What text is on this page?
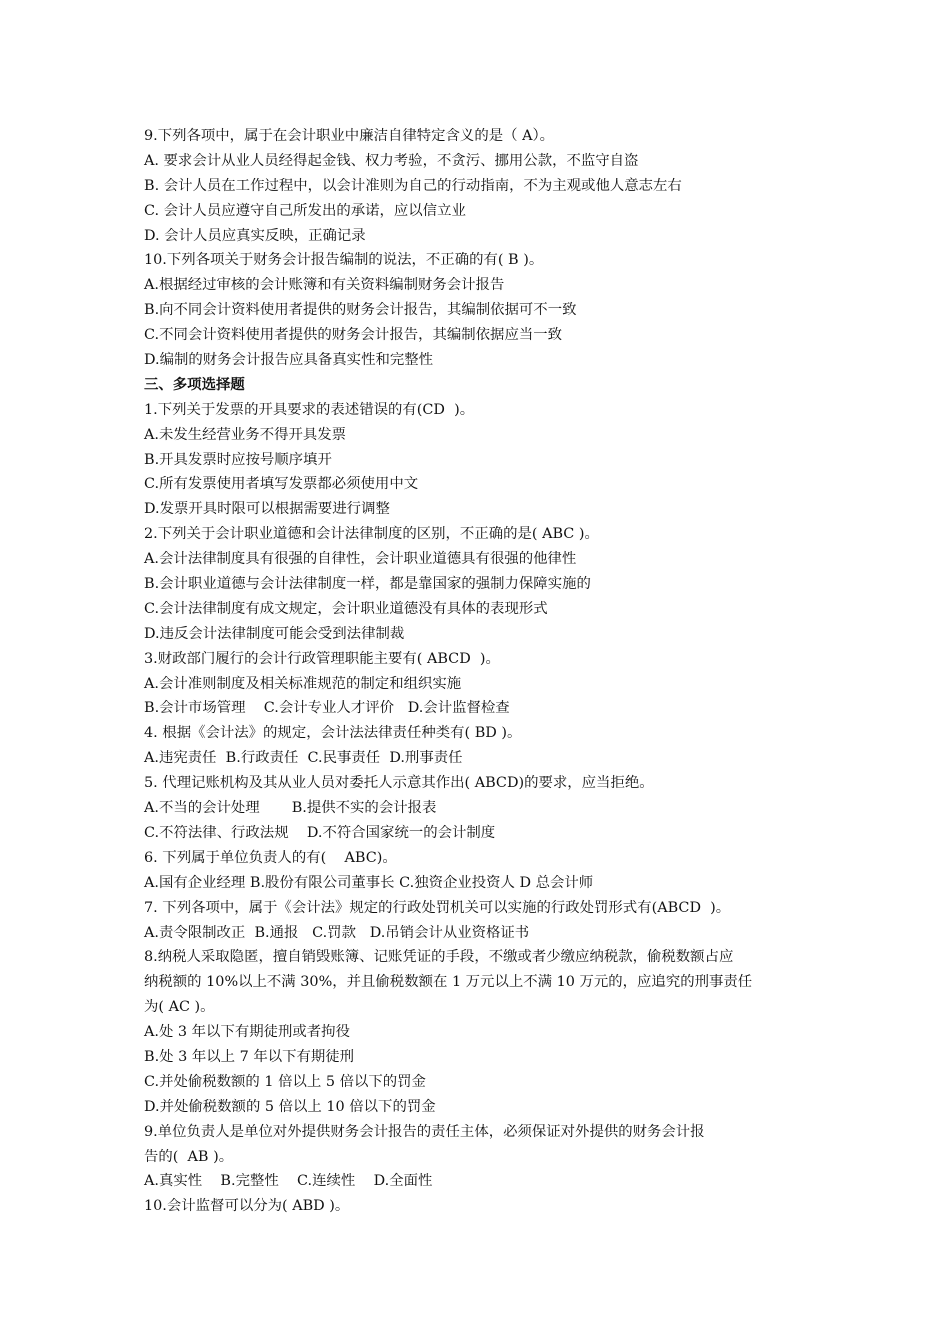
9.下列各项中，属于在会计职业中廉洁自律特定含义的是（ A）。
A. 要求会计从业人员经得起金钱、权力考验，不贪污、挪用公款，不监守自盗
B. 会计人员在工作过程中，以会计准则为自己的行动指南，不为主观或他人意志左右
C. 会计人员应遵守自己所发出的承诺，应以信立业
D. 会计人员应真实反映，正确记录
10.下列各项关于财务会计报告编制的说法，不正确的有( B )。
A.根据经过审核的会计账簿和有关资料编制财务会计报告
B.向不同会计资料使用者提供的财务会计报告，其编制依据可不一致
C.不同会计资料使用者提供的财务会计报告，其编制依据应当一致
D.编制的财务会计报告应具备真实性和完整性
三、多项选择题
1.下列关于发票的开具要求的表述错误的有(CD  )。
A.未发生经营业务不得开具发票
B.开具发票时应按号顺序填开
C.所有发票使用者填写发票都必须使用中文
D.发票开具时限可以根据需要进行调整
2.下列关于会计职业道德和会计法律制度的区别，不正确的是( ABC )。
A.会计法律制度具有很强的自律性，会计职业道德具有很强的他律性
B.会计职业道德与会计法律制度一样，都是靠国家的强制力保障实施的
C.会计法律制度有成文规定，会计职业道德没有具体的表现形式
D.违反会计法律制度可能会受到法律制裁
3.财政部门履行的会计行政管理职能主要有( ABCD  )。
A.会计准则制度及相关标准规范的制定和组织实施
B.会计市场管理    C.会计专业人才评价   D.会计监督检查
4. 根据《会计法》的规定，会计法法律责任种类有( BD )。
A.违宪责任  B.行政责任  C.民事责任  D.刑事责任
5. 代理记账机构及其从业人员对委托人示意其作出( ABCD)的要求，应当拒绝。
A.不当的会计处理       B.提供不实的会计报表
C.不符法律、行政法规    D.不符合国家统一的会计制度
6. 下列属于单位负责人的有(    ABC)。
A.国有企业经理 B.股份有限公司董事长 C.独资企业投资人 D 总会计师
7. 下列各项中，属于《会计法》规定的行政处罚机关可以实施的行政处罚形式有(ABCD  )。
A.责令限制改正  B.通报   C.罚款   D.吊销会计从业资格证书
8.纳税人采取隐匿，擅自销毁账簿、记账凭证的手段，不缴或者少缴应纳税款，偷税数额占应
纳税额的 10%以上不满 30%，并且偷税数额在 1 万元以上不满 10 万元的，应追究的刑事责任
为( AC )。
A.处 3 年以下有期徒刑或者拘役
B.处 3 年以上 7 年以下有期徒刑
C.并处偷税数额的 1 倍以上 5 倍以下的罚金
D.并处偷税数额的 5 倍以上 10 倍以下的罚金
9.单位负责人是单位对外提供财务会计报告的责任主体，必须保证对外提供的财务会计报
告的(  AB )。
A.真实性    B.完整性    C.连续性    D.全面性
10.会计监督可以分为( ABD )。
